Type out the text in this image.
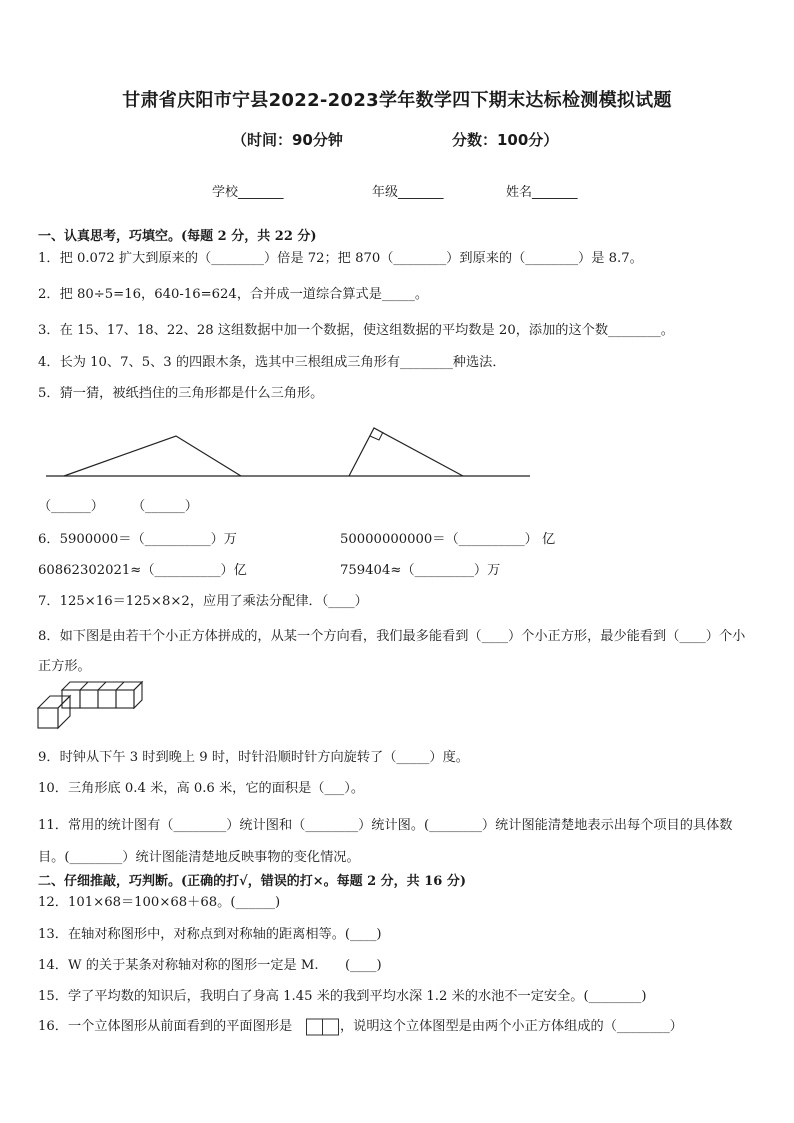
甘肃省庆阳市宁县2022-2023学年数学四下期末达标检测模拟试题
（时间：90分钟	分数：100分）
学校_______	年级_______	姓名_______
一、认真思考，巧填空。(每题 2 分，共 22 分)
1．把 0.072 扩大到原来的（________）倍是 72；把 870（________）到原来的（________）是 8.7。
2．把 80÷5=16，640-16=624，合并成一道综合算式是_____。
3．在 15、17、18、22、28 这组数据中加一个数据，使这组数据的平均数是 20，添加的这个数________。
4．长为 10、7、5、3 的四跟木条，选其中三根组成三角形有________种选法．
5．猜一猜，被纸挡住的三角形都是什么三角形。
（______） （______）
6．5900000＝（__________）万	50000000000＝（__________） 亿
60862302021≈（__________）亿	759404≈（_________）万
7．125×16＝125×8×2，应用了乘法分配律．（____）
8．如下图是由若干个小正方体拼成的，从某一个方向看，我们最多能看到（____）个小正方形，最少能看到（____）个小正方形。
9．时钟从下午 3 时到晚上 9 时，时针沿顺时针方向旋转了（_____）度。
10．三角形底 0.4 米，高 0.6 米，它的面积是（___）。
11．常用的统计图有（________）统计图和（________）统计图。(________）统计图能清楚地表示出每个项目的具体数目。(________）统计图能清楚地反映事物的变化情况。
二、仔细推敲，巧判断。(正确的打√，错误的打×。每题 2 分，共 16 分)
12．101×68＝100×68＋68。(______)
13．在轴对称图形中，对称点到对称轴的距离相等。(____)
14．W 的关于某条对称轴对称的图形一定是 M.　　(____)
15．学了平均数的知识后，我明白了身高 1.45 米的我到平均水深 1.2 米的水池不一定安全。(________)
16．一个立体图形从前面看到的平面图形是	，说明这个立体图型是由两个小正方体组成的（________）
